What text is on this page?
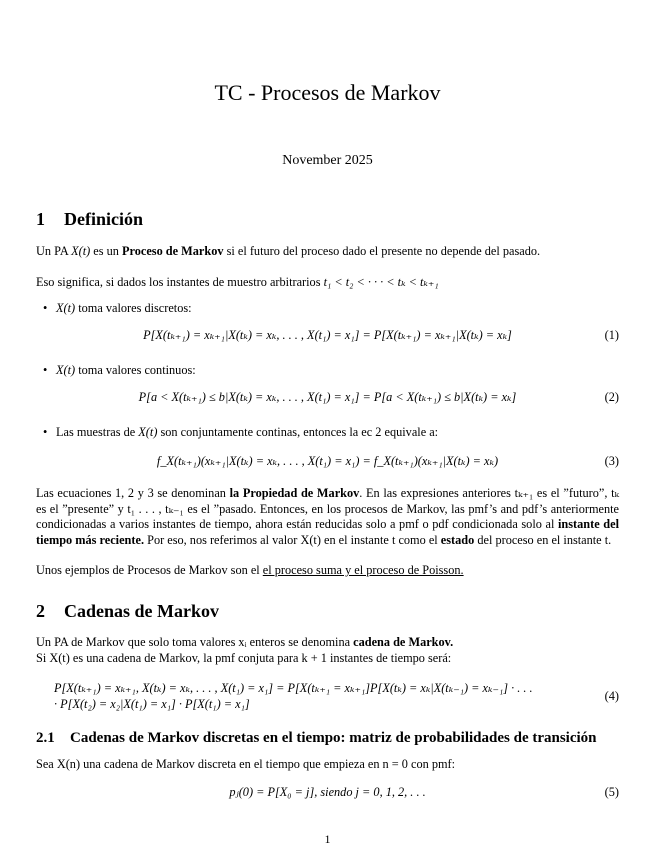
TC - Procesos de Markov
November 2025
1 Definición
Un PA X(t) es un Proceso de Markov si el futuro del proceso dado el presente no depende del pasado.
Eso significa, si dados los instantes de muestro arbitrarios t₁ < t₂ < · · · < tₖ < tₖ₊₁
• X(t) toma valores discretos:
P[X(tₖ₊₁) = xₖ₊₁|X(tₖ) = xₖ, . . . , X(t₁) = x₁] = P[X(tₖ₊₁) = xₖ₊₁|X(tₖ) = xₖ]	(1)
• X(t) toma valores continuos:
P[a < X(tₖ₊₁) ≤ b|X(tₖ) = xₖ, . . . , X(t₁) = x₁] = P[a < X(tₖ₊₁) ≤ b|X(tₖ) = xₖ]	(2)
• Las muestras de X(t) son conjuntamente continas, entonces la ec 2 equivale a:
f_X(tₖ₊₁)(xₖ₊₁|X(tₖ) = xₖ, . . . , X(t₁) = x₁) = f_X(tₖ₊₁)(xₖ₊₁|X(tₖ) = xₖ)	(3)
Las ecuaciones 1, 2 y 3 se denominan la Propiedad de Markov. En las expresiones anteriores tₖ₊₁ es el ”futuro”, tₖ es el ”presente” y t₁ . . . , tₖ₋₁ es el ”pasado. Entonces, en los procesos de Markov, las pmf’s and pdf’s anteriormente condicionadas a varios instantes de tiempo, ahora están reducidas solo a pmf o pdf condicionada solo al instante del tiempo más reciente. Por eso, nos referimos al valor X(t) en el instante t como el estado del proceso en el instante t.
Unos ejemplos de Procesos de Markov son el el proceso suma y el proceso de Poisson.
2 Cadenas de Markov
Un PA de Markov que solo toma valores xᵢ enteros se denomina cadena de Markov.
Si X(t) es una cadena de Markov, la pmf conjuta para k + 1 instantes de tiempo será:
P[X(tₖ₊₁) = xₖ₊₁, X(tₖ) = xₖ, . . . , X(t₁) = x₁] = P[X(tₖ₊₁ = xₖ₊₁]P[X(tₖ) = xₖ|X(tₖ₋₁) = xₖ₋₁] · . . .
· P[X(t₂) = x₂|X(t₁) = x₁] · P[X(t₁) = x₁]
(4)
2.1 Cadenas de Markov discretas en el tiempo: matriz de probabilidades de transición
Sea X(n) una cadena de Markov discreta en el tiempo que empieza en n = 0 con pmf:
pⱼ(0) = P[X₀ = j], siendo j = 0, 1, 2, . . .	(5)
1
